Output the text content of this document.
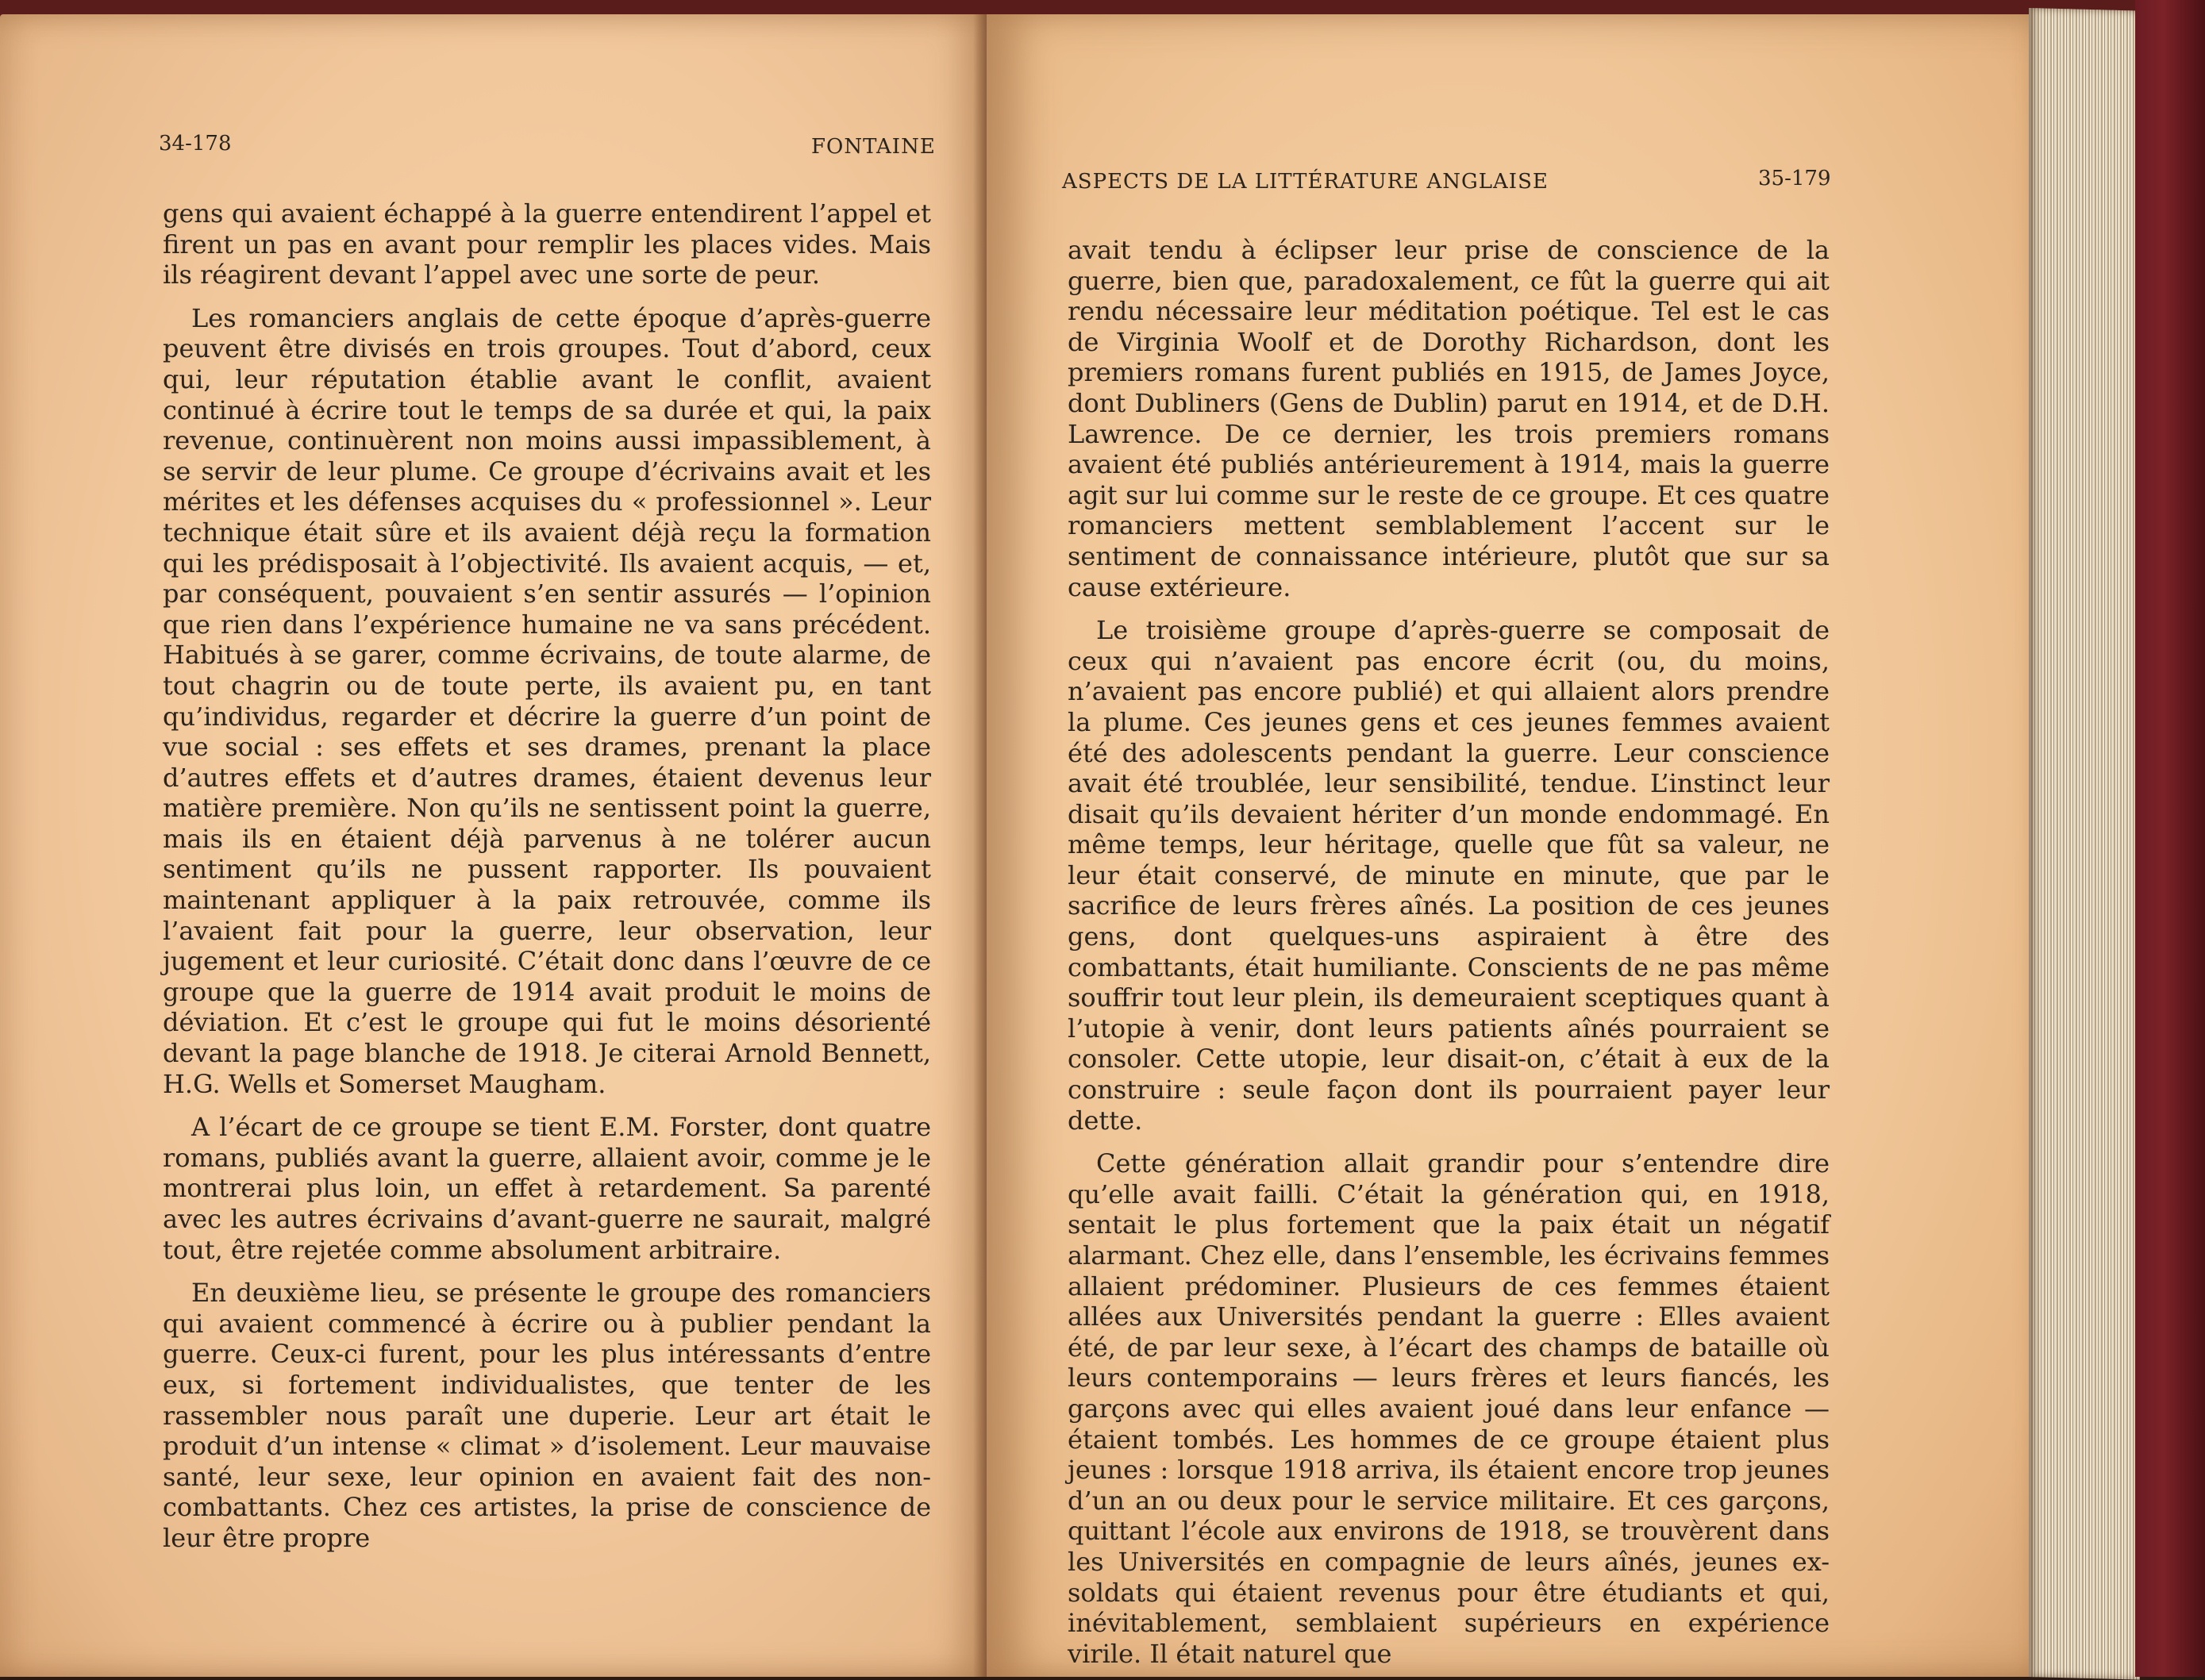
34-178	FONTAINE

gens qui avaient échappé à la guerre entendirent l’appel et firent un pas en avant pour remplir les places vides. Mais ils réagirent devant l’appel avec une sorte de peur.

Les romanciers anglais de cette époque d’après-guerre peuvent être divisés en trois groupes. Tout d’abord, ceux qui, leur réputation établie avant le conflit, avaient continué à écrire tout le temps de sa durée et qui, la paix revenue, continuèrent non moins aussi impassiblement, à se servir de leur plume. Ce groupe d’écrivains avait et les mérites et les défenses acquises du « professionnel ». Leur technique était sûre et ils avaient déjà reçu la formation qui les prédisposait à l’objectivité. Ils avaient acquis, — et, par conséquent, pouvaient s’en sentir assurés — l’opinion que rien dans l’expérience humaine ne va sans précédent. Habitués à se garer, comme écrivains, de toute alarme, de tout chagrin ou de toute perte, ils avaient pu, en tant qu’individus, regarder et décrire la guerre d’un point de vue social : ses effets et ses drames, prenant la place d’autres effets et d’autres drames, étaient devenus leur matière première. Non qu’ils ne sentissent point la guerre, mais ils en étaient déjà parvenus à ne tolérer aucun sentiment qu’ils ne pussent rapporter. Ils pouvaient maintenant appliquer à la paix retrouvée, comme ils l’avaient fait pour la guerre, leur observation, leur jugement et leur curiosité. C’était donc dans l’œuvre de ce groupe que la guerre de 1914 avait produit le moins de déviation. Et c’est le groupe qui fut le moins désorienté devant la page blanche de 1918. Je citerai Arnold Bennett, H.G. Wells et Somerset Maugham.

A l’écart de ce groupe se tient E.M. Forster, dont quatre romans, publiés avant la guerre, allaient avoir, comme je le montrerai plus loin, un effet à retardement. Sa parenté avec les autres écrivains d’avant-guerre ne saurait, malgré tout, être rejetée comme absolument arbitraire.

En deuxième lieu, se présente le groupe des romanciers qui avaient commencé à écrire ou à publier pendant la guerre. Ceux-ci furent, pour les plus intéressants d’entre eux, si fortement individualistes, que tenter de les rassembler nous paraît une duperie. Leur art était le produit d’un intense « climat » d’isolement. Leur mauvaise santé, leur sexe, leur opinion en avaient fait des non-combattants. Chez ces artistes, la prise de conscience de leur être propre

ASPECTS DE LA LITTÉRATURE ANGLAISE	35-179

avait tendu à éclipser leur prise de conscience de la guerre, bien que, paradoxalement, ce fût la guerre qui ait rendu nécessaire leur méditation poétique. Tel est le cas de Virginia Woolf et de Dorothy Richardson, dont les premiers romans furent publiés en 1915, de James Joyce, dont Dubliners (Gens de Dublin) parut en 1914, et de D.H. Lawrence. De ce dernier, les trois premiers romans avaient été publiés antérieurement à 1914, mais la guerre agit sur lui comme sur le reste de ce groupe. Et ces quatre romanciers mettent semblablement l’accent sur le sentiment de connaissance intérieure, plutôt que sur sa cause extérieure.

Le troisième groupe d’après-guerre se composait de ceux qui n’avaient pas encore écrit (ou, du moins, n’avaient pas encore publié) et qui allaient alors prendre la plume. Ces jeunes gens et ces jeunes femmes avaient été des adolescents pendant la guerre. Leur conscience avait été troublée, leur sensibilité, tendue. L’instinct leur disait qu’ils devaient hériter d’un monde endommagé. En même temps, leur héritage, quelle que fût sa valeur, ne leur était conservé, de minute en minute, que par le sacrifice de leurs frères aînés. La position de ces jeunes gens, dont quelques-uns aspiraient à être des combattants, était humiliante. Conscients de ne pas même souffrir tout leur plein, ils demeuraient sceptiques quant à l’utopie à venir, dont leurs patients aînés pourraient se consoler. Cette utopie, leur disait-on, c’était à eux de la construire : seule façon dont ils pourraient payer leur dette.

Cette génération allait grandir pour s’entendre dire qu’elle avait failli. C’était la génération qui, en 1918, sentait le plus fortement que la paix était un négatif alarmant. Chez elle, dans l’ensemble, les écrivains femmes allaient prédominer. Plusieurs de ces femmes étaient allées aux Universités pendant la guerre : Elles avaient été, de par leur sexe, à l’écart des champs de bataille où leurs contemporains — leurs frères et leurs fiancés, les garçons avec qui elles avaient joué dans leur enfance — étaient tombés. Les hommes de ce groupe étaient plus jeunes : lorsque 1918 arriva, ils étaient encore trop jeunes d’un an ou deux pour le service militaire. Et ces garçons, quittant l’école aux environs de 1918, se trouvèrent dans les Universités en compagnie de leurs aînés, jeunes ex-soldats qui étaient revenus pour être étudiants et qui, inévitablement, semblaient supérieurs en expérience virile. Il était naturel que
